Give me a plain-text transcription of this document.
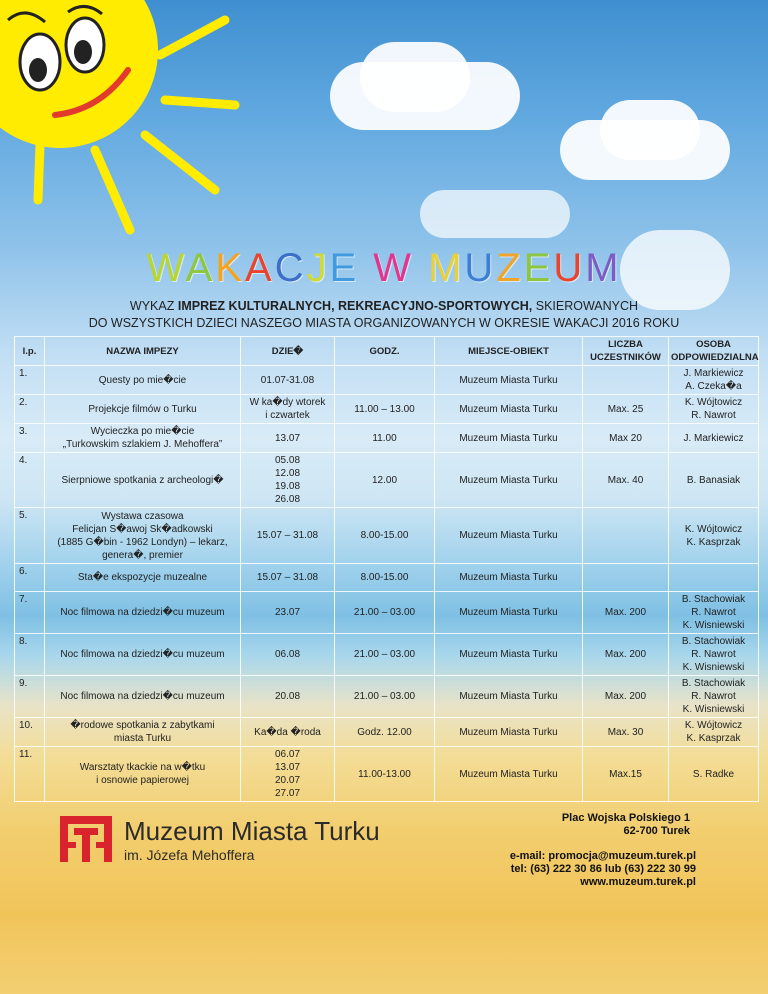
WAKACJE W MUZEUM
WYKAZ IMPREZ KULTURALNYCH, REKREACYJNO-SPORTOWYCH, SKIEROWANYCH
DO WSZYSTKICH DZIECI NASZEGO MIASTA ORGANIZOWANYCH W OKRESIE WAKACJI 2016 ROKU
l.p.	NAZWA IMPEZY	DZIE�	GODZ.	MIEJSCE-OBIEKT	LICZBA UCZESTNIKÓW	OSOBA ODPOWIEDZIALNA
1.	Questy po mie�cie	01.07-31.08		Muzeum Miasta Turku		J. Markiewicz
A. Czeka�a
2.	Projekcje filmów o Turku	W ka�dy wtorek
i czwartek	11.00 – 13.00	Muzeum Miasta Turku	Max. 25	K. Wójtowicz
R. Nawrot
3.	Wycieczka po mie�cie
„Turkowskim szlakiem J. Mehoffera”	13.07	11.00	Muzeum Miasta Turku	Max 20	J. Markiewicz
4.	Sierpniowe spotkania z archeologi�	05.08
12.08
19.08
26.08	12.00	Muzeum Miasta Turku	Max. 40	B. Banasiak
5.	Wystawa czasowa
Felicjan S�awoj Sk�adkowski
(1885 G�bin - 1962 Londyn) – lekarz,
genera�, premier	15.07 – 31.08	8.00-15.00	Muzeum Miasta Turku		K. Wójtowicz
K. Kasprzak
6.	Sta�e ekspozycje muzealne	15.07 – 31.08	8.00-15.00	Muzeum Miasta Turku		
7.	Noc filmowa na dziedzi�cu muzeum	23.07	21.00 – 03.00	Muzeum Miasta Turku	Max. 200	B. Stachowiak
R. Nawrot
K. Wisniewski
8.	Noc filmowa na dziedzi�cu muzeum	06.08	21.00 – 03.00	Muzeum Miasta Turku	Max. 200	B. Stachowiak
R. Nawrot
K. Wisniewski
9.	Noc filmowa na dziedzi�cu muzeum	20.08	21.00 – 03.00	Muzeum Miasta Turku	Max. 200	B. Stachowiak
R. Nawrot
K. Wisniewski
10.	�rodowe spotkania z zabytkami
miasta Turku	Ka�da �roda	Godz. 12.00	Muzeum Miasta Turku	Max. 30	K. Wójtowicz
K. Kasprzak
11.	Warsztaty tkackie na w�tku
i osnowie papierowej	06.07
13.07
20.07
27.07	11.00-13.00	Muzeum Miasta Turku	Max.15	S. Radke
Muzeum Miasta Turku
im. Józefa Mehoffera
Plac Wojska Polskiego 1
62-700 Turek
e-mail: promocja@muzeum.turek.pl
tel: (63) 222 30 86 lub (63) 222 30 99
www.muzeum.turek.pl
